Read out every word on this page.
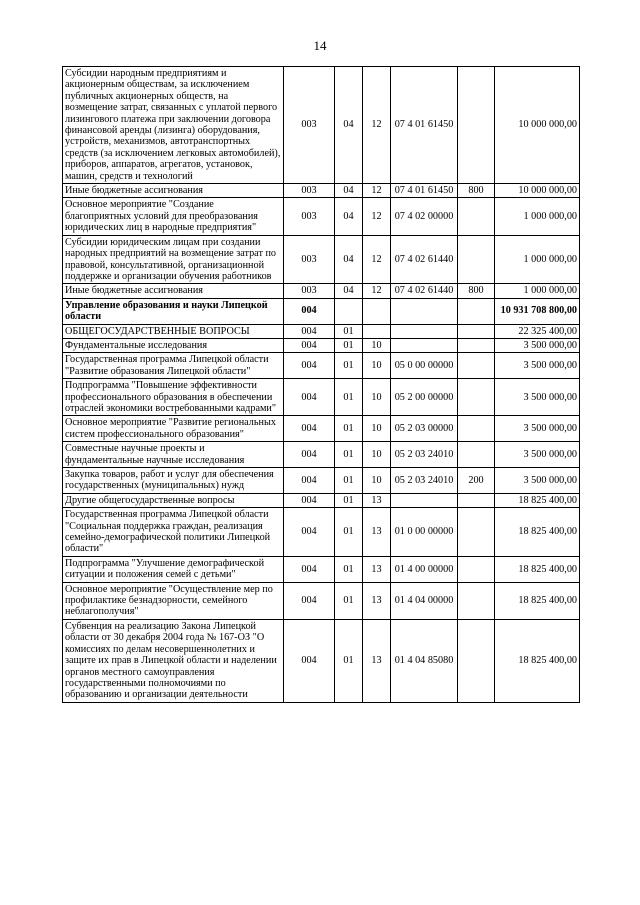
14
Субсидии народным предприятиям и акционерным обществам, за исключением публичных акционерных обществ, на возмещение затрат, связанных с уплатой первого лизингового платежа при заключении договора финансовой аренды (лизинга) оборудования, устройств, механизмов, автотранспортных средств (за исключением легковых автомобилей), приборов, аппаратов, агрегатов, установок, машин, средств и технологий	003	04	12	07 4 01 61450		10 000 000,00
Иные бюджетные ассигнования	003	04	12	07 4 01 61450	800	10 000 000,00
Основное мероприятие "Создание благоприятных условий для преобразования юридических лиц в народные предприятия"	003	04	12	07 4 02 00000		1 000 000,00
Субсидии юридическим лицам при создании народных предприятий на возмещение затрат по правовой, консультативной, организационной поддержке и организации обучения работников	003	04	12	07 4 02 61440		1 000 000,00
Иные бюджетные ассигнования	003	04	12	07 4 02 61440	800	1 000 000,00
Управление образования и науки Липецкой области	004					10 931 708 800,00
ОБЩЕГОСУДАРСТВЕННЫЕ ВОПРОСЫ	004	01				22 325 400,00
Фундаментальные исследования	004	01	10			3 500 000,00
Государственная программа Липецкой области "Развитие образования Липецкой области"	004	01	10	05 0 00 00000		3 500 000,00
Подпрограмма "Повышение эффективности профессионального образования в обеспечении отраслей экономики востребованными кадрами"	004	01	10	05 2 00 00000		3 500 000,00
Основное мероприятие "Развитие региональных систем профессионального образования"	004	01	10	05 2 03 00000		3 500 000,00
Совместные научные проекты и фундаментальные научные исследования	004	01	10	05 2 03 24010		3 500 000,00
Закупка товаров, работ и услуг для обеспечения государственных (муниципальных) нужд	004	01	10	05 2 03 24010	200	3 500 000,00
Другие общегосударственные вопросы	004	01	13			18 825 400,00
Государственная программа Липецкой области "Социальная поддержка граждан, реализация семейно-демографической политики Липецкой области"	004	01	13	01 0 00 00000		18 825 400,00
Подпрограмма "Улучшение демографической ситуации и положения семей с детьми"	004	01	13	01 4 00 00000		18 825 400,00
Основное мероприятие "Осуществление мер по профилактике безнадзорности, семейного неблагополучия"	004	01	13	01 4 04 00000		18 825 400,00
Субвенция на реализацию Закона Липецкой области от 30 декабря 2004 года № 167-ОЗ "О комиссиях по делам несовершеннолетних и защите их прав в Липецкой области и наделении органов местного самоуправления государственными полномочиями по образованию и организации деятельности	004	01	13	01 4 04 85080		18 825 400,00
